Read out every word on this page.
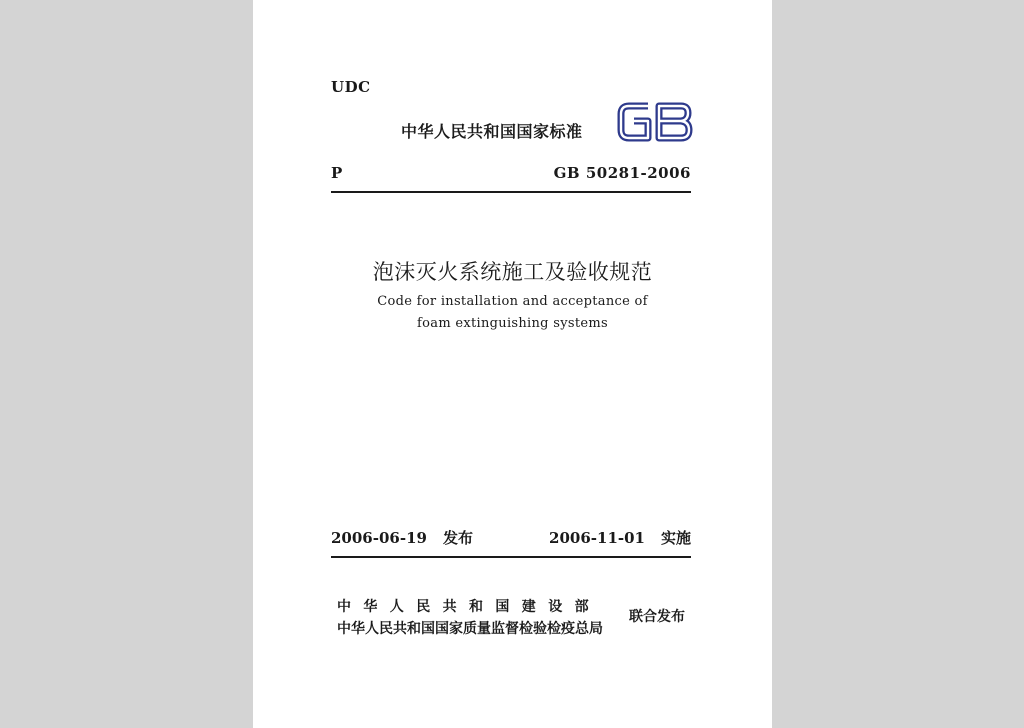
UDC
中华人民共和国国家标准
P	GB 50281-2006
泡沫灭火系统施工及验收规范
Code for installation and acceptance of
foam extinguishing systems
2006-06-19 发布	2006-11-01 实施
中华人民共和国建设部
中华人民共和国国家质量监督检验检疫总局
联合发布
